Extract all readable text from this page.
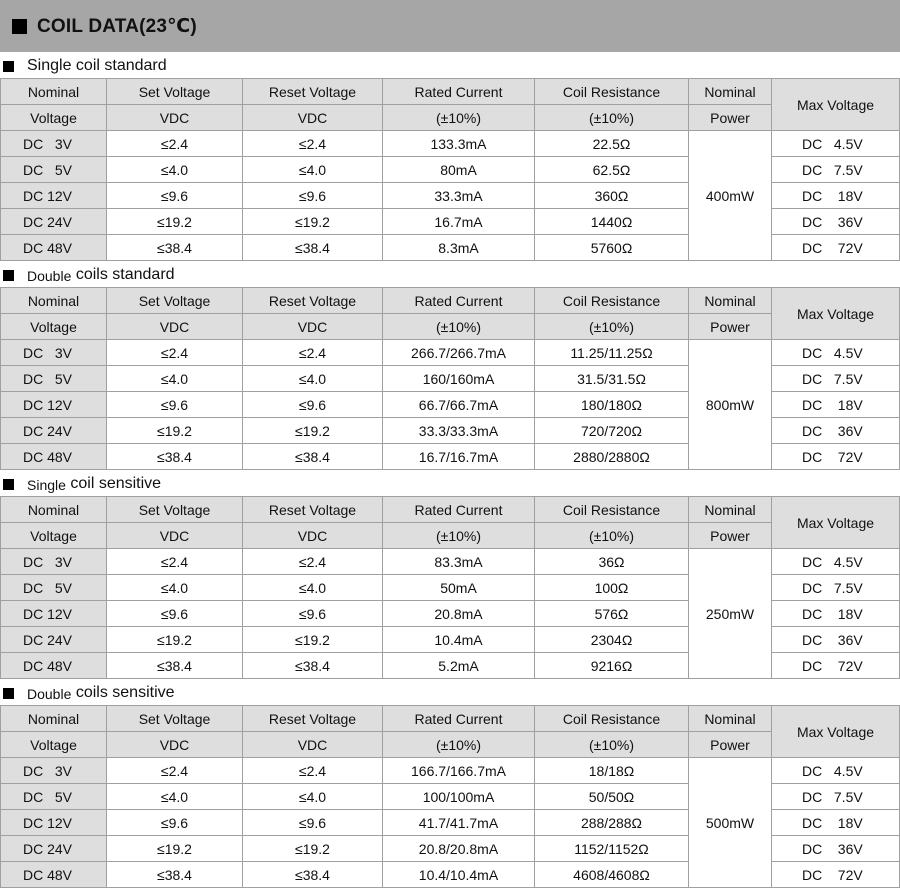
COIL DATA(23℃)
Single coil standard
Nominal	Set Voltage	Reset Voltage	Rated Current	Coil Resistance	Nominal	Max Voltage
Voltage	VDC	VDC	(±10%)	(±10%)	Power	
DC   3V	≤2.4	≤2.4	133.3mA	22.5Ω	400mW	DC   4.5V
DC   5V	≤4.0	≤4.0	80mA	62.5Ω		DC   7.5V
DC 12V	≤9.6	≤9.6	33.3mA	360Ω		DC    18V
DC 24V	≤19.2	≤19.2	16.7mA	1440Ω		DC    36V
DC 48V	≤38.4	≤38.4	8.3mA	5760Ω		DC    72V
Double coils standard
Nominal	Set Voltage	Reset Voltage	Rated Current	Coil Resistance	Nominal	Max Voltage
Voltage	VDC	VDC	(±10%)	(±10%)	Power	
DC   3V	≤2.4	≤2.4	266.7/266.7mA	11.25/11.25Ω	800mW	DC   4.5V
DC   5V	≤4.0	≤4.0	160/160mA	31.5/31.5Ω		DC   7.5V
DC 12V	≤9.6	≤9.6	66.7/66.7mA	180/180Ω		DC    18V
DC 24V	≤19.2	≤19.2	33.3/33.3mA	720/720Ω		DC    36V
DC 48V	≤38.4	≤38.4	16.7/16.7mA	2880/2880Ω		DC    72V
Single coil sensitive
Nominal	Set Voltage	Reset Voltage	Rated Current	Coil Resistance	Nominal	Max Voltage
Voltage	VDC	VDC	(±10%)	(±10%)	Power	
DC   3V	≤2.4	≤2.4	83.3mA	36Ω	250mW	DC   4.5V
DC   5V	≤4.0	≤4.0	50mA	100Ω		DC   7.5V
DC 12V	≤9.6	≤9.6	20.8mA	576Ω		DC    18V
DC 24V	≤19.2	≤19.2	10.4mA	2304Ω		DC    36V
DC 48V	≤38.4	≤38.4	5.2mA	9216Ω		DC    72V
Double coils sensitive
Nominal	Set Voltage	Reset Voltage	Rated Current	Coil Resistance	Nominal	Max Voltage
Voltage	VDC	VDC	(±10%)	(±10%)	Power	
DC   3V	≤2.4	≤2.4	166.7/166.7mA	18/18Ω	500mW	DC   4.5V
DC   5V	≤4.0	≤4.0	100/100mA	50/50Ω		DC   7.5V
DC 12V	≤9.6	≤9.6	41.7/41.7mA	288/288Ω		DC    18V
DC 24V	≤19.2	≤19.2	20.8/20.8mA	1152/1152Ω		DC    36V
DC 48V	≤38.4	≤38.4	10.4/10.4mA	4608/4608Ω		DC    72V
